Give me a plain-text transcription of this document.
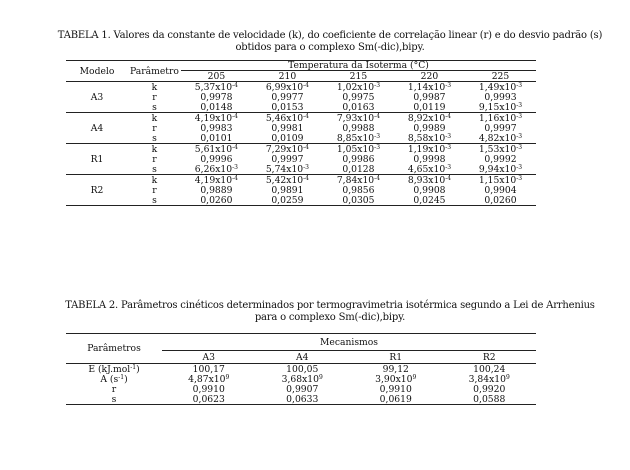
TABELA 1. Valores da constante de velocidade (k), do coeficiente de correlação linear (r) e do desvio padrão (s)
obtidos para o complexo Sm(-dic),bipy.
Modelo	Parâmetro	Temperatura da Isoterma (°C)				
		205	210	215	220	225
A3	k	$5,37x10^{-4}$	$6,99x10^{-4}$	$1,02x10^{-3}$	$1,14x10^{-3}$	$1,49x10^{-3}$
	r	0,9978	0,9977	0,9975	0,9987	0,9993
	s	0,0148	0,0153	0,0163	0,0119	$9,15x10^{-3}$
A4	k	$4,19x10^{-4}$	$5,46x10^{-4}$	$7,93x10^{-4}$	$8,92x10^{-4}$	$1,16x10^{-3}$
	r	0,9983	0,9981	0,9988	0,9989	0,9997
	s	0,0101	0,0109	$8,85x10^{-3}$	$8,58x10^{-3}$	$4,82x10^{-3}$
R1	k	$5,61x10^{-4}$	$7,29x10^{-4}$	$1,05x10^{-3}$	$1,19x10^{-3}$	$1,53x10^{-3}$
	r	0,9996	0,9997	0,9986	0,9998	0,9992
	s	$6,26x10^{-3}$	$5,74x10^{-3}$	0,0128	$4,65x10^{-3}$	$9,94x10^{-3}$
R2	k	$4,19x10^{-4}$	$5,42x10^{-4}$	$7,84x10^{-4}$	$8,93x10^{-4}$	$1,15x10^{-3}$
	r	0,9889	0,9891	0,9856	0,9908	0,9904
	s	0,0260	0,0259	0,0305	0,0245	0,0260
TABELA 2. Parâmetros cinéticos determinados por termogravimetria isotérmica segundo a Lei de Arrhenius
para o complexo Sm(-dic),bipy.
Parâmetros	Mecanismos			
	A3	A4	R1	R2
E (kJ.mol$^{-1}$)	100,17	100,05	99,12	100,24
A $(s^{-1})$	$4,87x10^9$	$3,68x10^9$	$3,90x10^9$	$3,84x10^9$
r	0,9910	0,9907	0,9910	0,9920
s	0,0623	0,0633	0,0619	0,0588
